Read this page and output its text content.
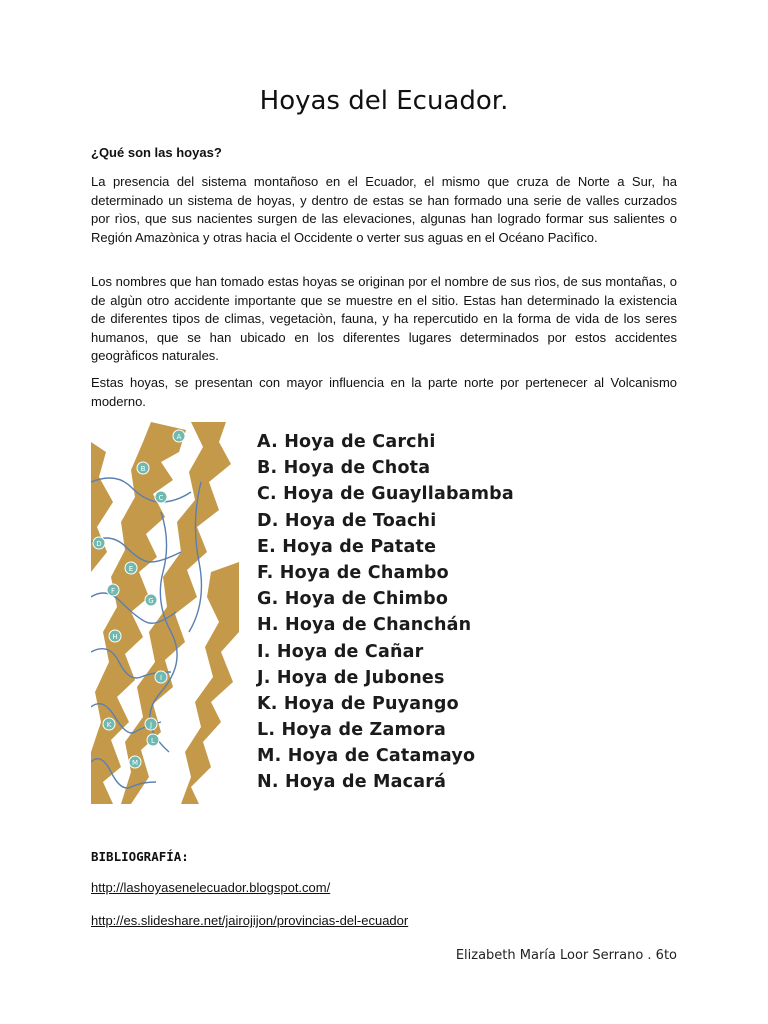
Hoyas del Ecuador.

¿Qué son las hoyas?

La presencia del sistema montañoso en el Ecuador, el mismo que cruza de Norte a Sur, ha determinado un sistema de hoyas, y dentro de estas se han formado una serie de valles curzados por rìos, que sus nacientes surgen de las elevaciones, algunas han logrado formar sus salientes o Región Amazònica y otras hacia el Occidente o verter sus aguas en el Océano Pacìfico.

Los nombres que han tomado estas hoyas se originan por el nombre de sus rìos, de sus montañas, o de algùn otro accidente importante que se muestre en el sitio. Estas han determinado la existencia de diferentes tipos de climas, vegetaciòn, fauna, y ha repercutido en la forma de vida de los seres humanos, que se han ubicado en los diferentes lugares determinados por estos accidentes geogràficos naturales.

Estas hoyas, se presentan con mayor influencia en la parte norte por pertenecer al Volcanismo moderno.

A
B
C
D
E
F
G
H
I
J
K
L
M
A. Hoya de Carchi
B. Hoya de Chota
C. Hoya de Guayllabamba
D. Hoya de Toachi
E. Hoya de Patate
F. Hoya de Chambo
G. Hoya de Chimbo
H. Hoya de Chanchán
I. Hoya de Cañar
J. Hoya de Jubones
K. Hoya de Puyango
L. Hoya de Zamora
M. Hoya de Catamayo
N. Hoya de Macará

BIBLIOGRAFÍA:

http://lashoyasenelecuador.blogspot.com/
http://es.slideshare.net/jairojijon/provincias-del-ecuador
Elizabeth María Loor Serrano . 6to
